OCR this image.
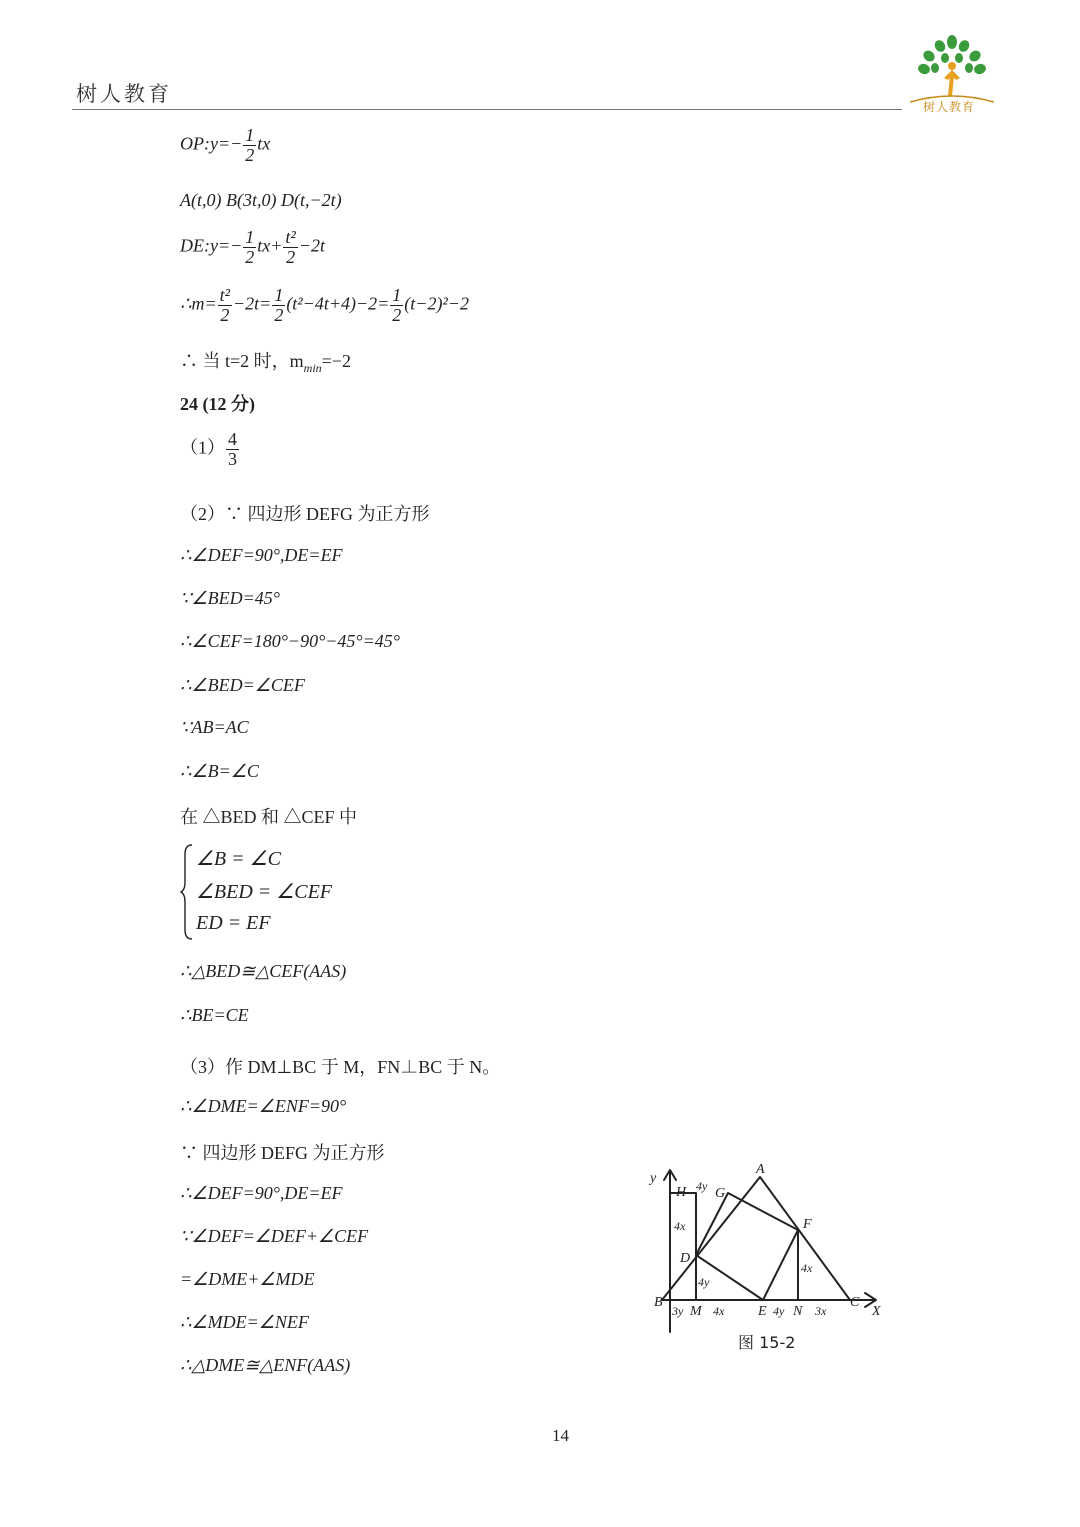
树人教育
树人教育
OP:y=− $\frac{1}{2}$ tx
A(t,0) B(3t,0) D(t,−2t)
DE:y=− $\frac{1}{2} tx+ \frac{\text{t²}}{2} -2t$
∴m= $\frac{\text{t²}}{2} -2t= \frac{1}{2} (t^2-4t+4)-2= \frac{1}{2} (t-2)^2-2$
∴ 当 t=2 时，$m_{min}=-2$
24 (12 分)
$(1) \frac{4}{3}$
（2）∵ 四边形 DEFG 为正方形
∴∠DEF=90°,DE=EF
∵∠BED=45°
∴∠CEF=180°−90°−45°=45°
∴∠BED=∠CEF
∵AB=AC
∴∠B=∠C
在 △BED 和 △CEF 中
∠B = ∠C
∠BED = ∠CEF
ED = EF
∴△BED≅△CEF(AAS)
∴BE=CE
（3）作 DM⊥BC 于 M，FN⊥BC 于 N。
∴∠DME=∠ENF=90°
∵ 四边形 DEFG 为正方形
∴∠DEF=90°,DE=EF
∵∠DEF=∠DEF+∠CEF
=∠DME+∠MDE
∴∠MDE=∠NEF
∴△DME≅△ENF(AAS)
y
H 4y G
A
F
4x
D
4y
4x
B
3y M 4x E 4y N 3x
C
X
图 15-2
14
